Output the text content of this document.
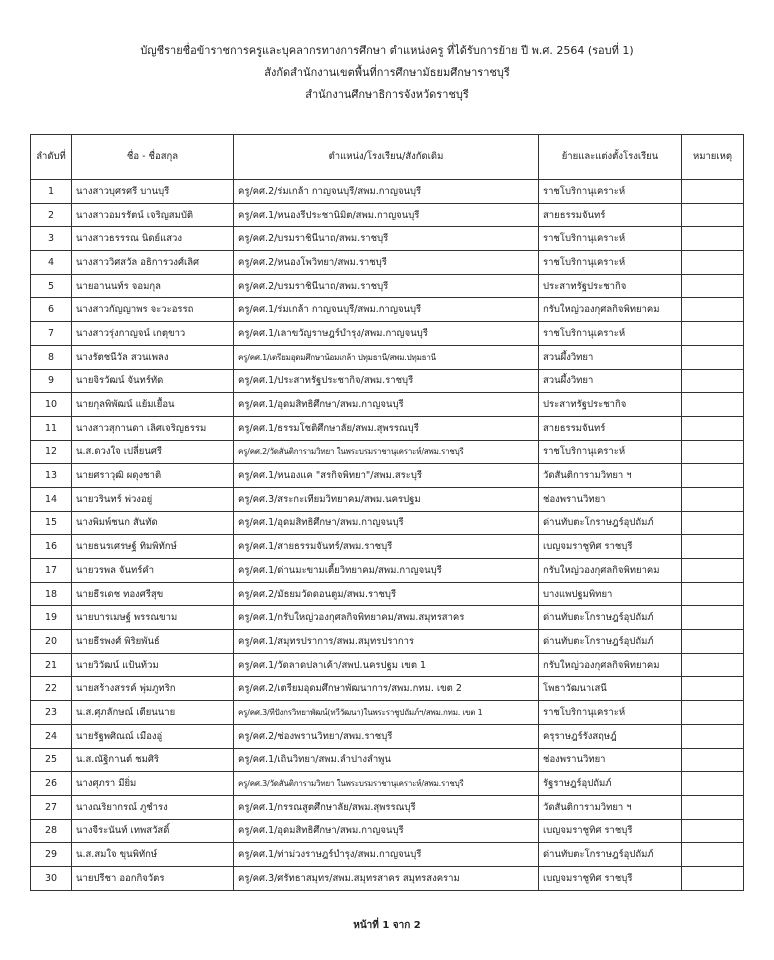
บัญชีรายชื่อข้าราชการครูและบุคลากรทางการศึกษา ตำแหน่งครู ที่ได้รับการย้าย ปี พ.ศ. 2564 (รอบที่ 1)
สังกัดสำนักงานเขตพื้นที่การศึกษามัธยมศึกษาราชบุรี
สำนักงานศึกษาธิการจังหวัดราชบุรี
ลำดับที่	ชื่อ - ชื่อสกุล	ตำแหน่ง/โรงเรียน/สังกัดเดิม	ย้ายและแต่งตั้งโรงเรียน	หมายเหตุ
1	นางสาวบุศรศรี บานบุรี	ครู/คศ.2/ร่มเกล้า กาญจนบุรี/สพม.กาญจนบุรี	ราชโบริกานุเคราะห์	
2	นางสาวอมรรัตน์ เจริญสมบัติ	ครู/คศ.1/หนองรีประชานิมิต/สพม.กาญจนบุรี	สายธรรมจันทร์	
3	นางสาวธรรรณ นิดย์แสวง	ครู/คศ.2/บรมราชินีนาถ/สพม.ราชบุรี	ราชโบริกานุเคราะห์	
4	นางสาววิศสวัล อธิการวงศ์เลิศ	ครู/คศ.2/หนองโพวิทยา/สพม.ราชบุรี	ราชโบริกานุเคราะห์	
5	นายอานนท์ร จอมกุล	ครู/คศ.2/บรมราชินีนาถ/สพม.ราชบุรี	ประสาทรัฐประชากิจ	
6	นางสาวกัญญาพร จะวะอรรถ	ครู/คศ.1/ร่มเกล้า กาญจนบุรี/สพม.กาญจนบุรี	กรับใหญ่วองกุศลกิจพิทยาคม	
7	นางสาวรุ่งกาญจน์ เกตุขาว	ครู/คศ.1/เลาขวัญราษฎร์บำรุง/สพม.กาญจนบุรี	ราชโบริกานุเคราะห์	
8	นางรัตชนีวัล สวนเพลง	ครู/คศ.1/เตรียมอุดมศึกษาน้อมเกล้า ปทุมธานี/สพม.ปทุมธานี	สวนผึ้งวิทยา	
9	นายจิรวัฒน์ จันทร์ทัด	ครู/คศ.1/ประสาทรัฐประชากิจ/สพม.ราชบุรี	สวนผึ้งวิทยา	
10	นายกุลพิพัฒน์ แย้มเยื้อน	ครู/คศ.1/อุดมสิทธิศึกษา/สพม.กาญจนบุรี	ประสาทรัฐประชากิจ	
11	นางสาวสุกานดา เลิศเจริญธรรม	ครู/คศ.1/ธรรมโชติศึกษาลัย/สพม.สุพรรณบุรี	สายธรรมจันทร์	
12	น.ส.ดวงใจ เปลี่ยนศรี	ครู/คศ.2/วัดสันติการามวิทยา ในพระบรมราชานุเคราะห์/สพม.ราชบุรี	ราชโบริกานุเคราะห์	
13	นายศราวุฒิ ผดุงชาติ	ครู/คศ.1/หนองแค "สรกิจพิทยา"/สพม.สระบุรี	วัดสันติการามวิทยา ฯ	
14	นายวรินทร์ พ่วงอยู่	ครู/คศ.3/สระกะเทียมวิทยาคม/สพม.นครปฐม	ช่องพรานวิทยา	
15	นางพิมพ์ชนก สันทัด	ครู/คศ.1/อุดมสิทธิศึกษา/สพม.กาญจนบุรี	ด่านทับตะโกราษฎร์อุปถัมภ์	
16	นายธนรเศรษฐ์ ทิมพิทักษ์	ครู/คศ.1/สายธรรมจันทร์/สพม.ราชบุรี	เบญจมราชูทิศ ราชบุรี	
17	นายวรพล จันทร์คำ	ครู/คศ.1/ด่านมะขามเตี้ยวิทยาคม/สพม.กาญจนบุรี	กรับใหญ่วองกุศลกิจพิทยาคม	
18	นายธีรเดช ทองศรีสุข	ครู/คศ.2/มัธยมวัดดอนตูม/สพม.ราชบุรี	บางแพปฐมพิทยา	
19	นายบารเมษฐ์ พรรณขาม	ครู/คศ.1/กรับใหญ่วองกุศลกิจพิทยาคม/สพม.สมุทรสาคร	ด่านทับตะโกราษฎร์อุปถัมภ์	
20	นายธีรพงศ์ พิริยพันธ์	ครู/คศ.1/สมุทรปราการ/สพม.สมุทรปราการ	ด่านทับตะโกราษฎร์อุปถัมภ์	
21	นายวิวัฒน์ แป้นท้วม	ครู/คศ.1/วัดลาดปลาเค้า/สพป.นครปฐม เขต 1	กรับใหญ่วองกุศลกิจพิทยาคม	
22	นายสร้างสรรค์ พุ่มภูทริก	ครู/คศ.2/เตรียมอุดมศึกษาพัฒนาการ/สพม.กทม. เขต 2	โพธาวัฒนาเสนี	
23	น.ส.ศุภลักษณ์ เตียนนาย	ครู/คศ.3/ทีปังกรวิทยาพัฒน์(ทวีวัฒนา)ในพระราชูปถัมภ์ฯ/สพม.กทม. เขต 1	ราชโบริกานุเคราะห์	
24	นายรัฐพศิณณ์ เมืองอู่	ครู/คศ.2/ช่องพรานวิทยา/สพม.ราชบุรี	ครุราษฎร์รังสฤษฎ์	
25	น.ส.ณัฐิกานต์ ชมศิริ	ครู/คศ.1/เถินวิทยา/สพม.ลำปางลำพูน	ช่องพรานวิทยา	
26	นางศุภรา มียิ่ม	ครู/คศ.3/วัดสันติการามวิทยา ในพระบรมราชานุเคราะห์/สพม.ราชบุรี	รัฐราษฎร์อุปถัมภ์	
27	นางณริยากรณ์ ภูชำรง	ครู/คศ.1/กรรณสูตศึกษาลัย/สพม.สุพรรณบุรี	วัดสันติการามวิทยา ฯ	
28	นางจีระนันท์ เทพสวัสดิ์	ครู/คศ.1/อุดมสิทธิศึกษา/สพม.กาญจนบุรี	เบญจมราชูทิศ ราชบุรี	
29	น.ส.สมใจ ขุนพิทักษ์	ครู/คศ.1/ท่าม่วงราษฎร์บำรุง/สพม.กาญจนบุรี	ด่านทับตะโกราษฎร์อุปถัมภ์	
30	นายปรีชา ออกกิจวัตร	ครู/คศ.3/ศรัทธาสมุทร/สพม.สมุทรสาคร สมุทรสงคราม	เบญจมราชูทิศ ราชบุรี	
หน้าที่ 1 จาก 2
